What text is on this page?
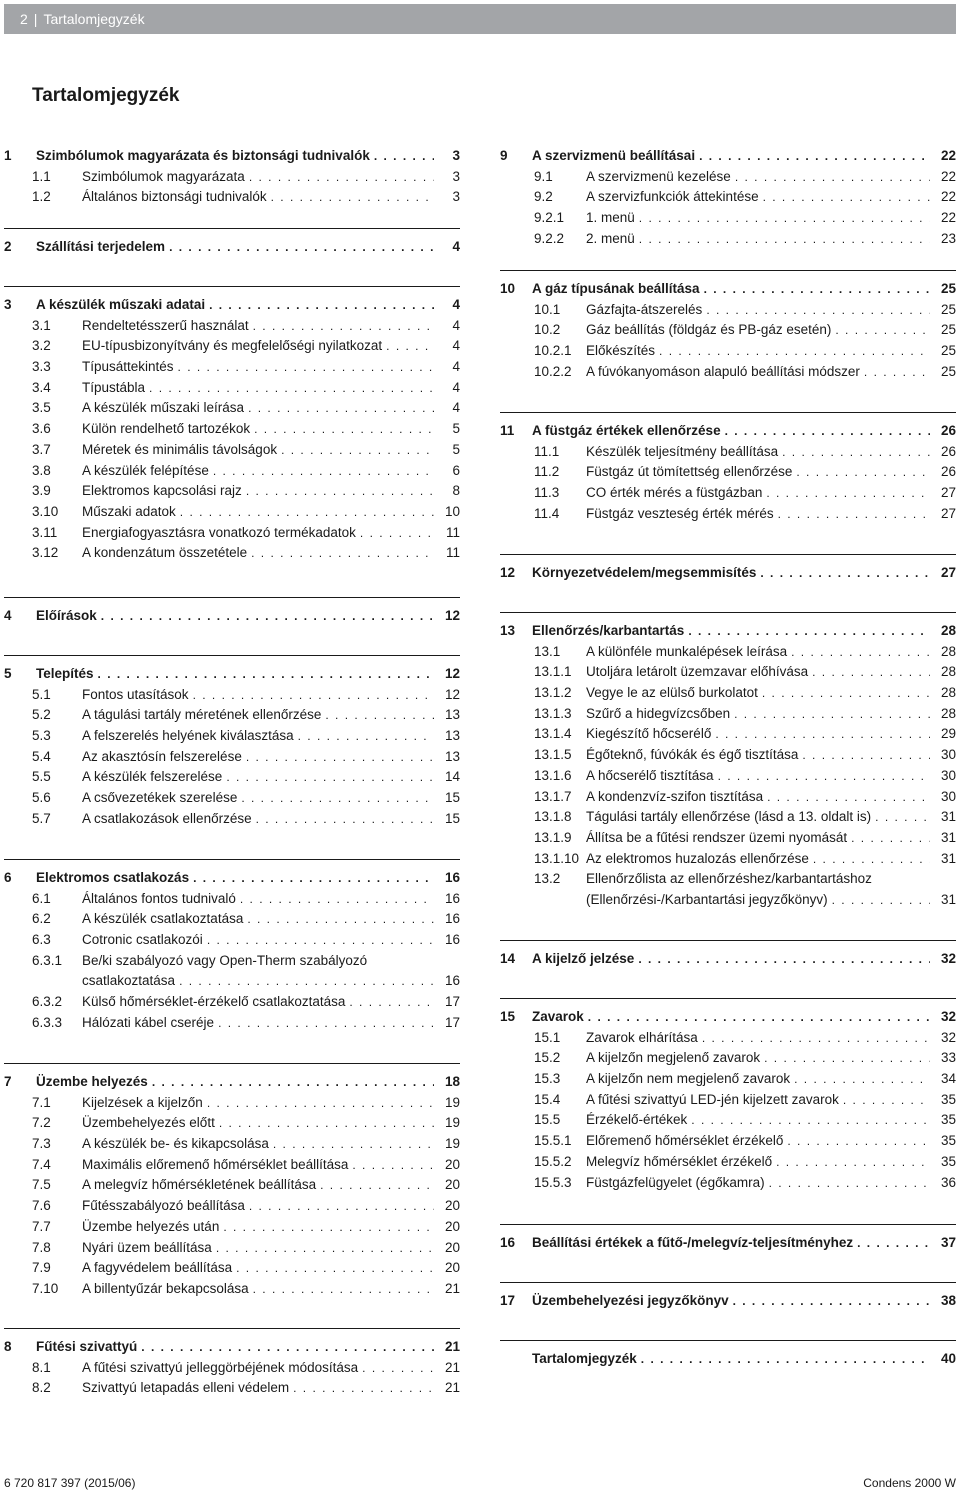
2 | Tartalomjegyzék
Tartalomjegyzék
1	Szimbólumok magyarázata és biztonsági tudnivalók . . .	3
1.1	Szimbólumok magyarázata . . .	3
1.2	Általános biztonsági tudnivalók . . .	3
2	Szállítási terjedelem . . .	4
3	A készülék műszaki adatai . . .	4
3.1	Rendeltetésszerű használat . . .	4
3.2	EU-típusbizonyítvány és megfelelőségi nyilatkozat . . .	4
3.3	Típusáttekintés . . .	4
3.4	Típustábla . . .	4
3.5	A készülék műszaki leírása . . .	4
3.6	Külön rendelhető tartozékok . . .	5
3.7	Méretek és minimális távolságok . . .	5
3.8	A készülék felépítése . . .	6
3.9	Elektromos kapcsolási rajz . . .	8
3.10	Műszaki adatok . . .	10
3.11	Energiafogyasztásra vonatkozó termékadatok . . .	11
3.12	A kondenzátum összetétele . . .	11
4	Előírások . . .	12
5	Telepítés . . .	12
5.1	Fontos utasítások . . .	12
5.2	A tágulási tartály méretének ellenőrzése . . .	13
5.3	A felszerelés helyének kiválasztása . . .	13
5.4	Az akasztósín felszerelése . . .	13
5.5	A készülék felszerelése . . .	14
5.6	A csővezetékek szerelése . . .	15
5.7	A csatlakozások ellenőrzése . . .	15
6	Elektromos csatlakozás . . .	16
6.1	Általános fontos tudnivaló . . .	16
6.2	A készülék csatlakoztatása . . .	16
6.3	Cotronic csatlakozói . . .	16
6.3.1	Be/ki szabályozó vagy Open-Therm szabályozó
csatlakoztatása . . .	16
6.3.2	Külső hőmérséklet-érzékelő csatlakoztatása . . .	17
6.3.3	Hálózati kábel cseréje . . .	17
7	Üzembe helyezés . . .	18
7.1	Kijelzések a kijelzőn . . .	19
7.2	Üzembehelyezés előtt . . .	19
7.3	A készülék be- és kikapcsolása . . .	19
7.4	Maximális előremenő hőmérséklet beállítása . . .	20
7.5	A melegvíz hőmérsékletének beállítása . . .	20
7.6	Fűtésszabályozó beállítása . . .	20
7.7	Üzembe helyezés után . . .	20
7.8	Nyári üzem beállítása . . .	20
7.9	A fagyvédelem beállítása . . .	20
7.10	A billentyűzár bekapcsolása . . .	21
8	Fűtési szivattyú . . .	21
8.1	A fűtési szivattyú jelleggörbéjének módosítása . . .	21
8.2	Szivattyú letapadás elleni védelem . . .	21
9	A szervizmenü beállításai . . .	22
9.1	A szervizmenü kezelése . . .	22
9.2	A szervizfunkciók áttekintése . . .	22
9.2.1	1. menü . . .	22
9.2.2	2. menü . . .	23
10	A gáz típusának beállítása . . .	25
10.1	Gázfajta-átszerelés . . .	25
10.2	Gáz beállítás (földgáz és PB-gáz esetén) . . .	25
10.2.1	Előkészítés . . .	25
10.2.2	A fúvókanyomáson alapuló beállítási módszer . . .	25
11	A füstgáz értékek ellenőrzése . . .	26
11.1	Készülék teljesítmény beállítása . . .	26
11.2	Füstgáz út tömítettség ellenőrzése . . .	26
11.3	CO érték mérés a füstgázban . . .	27
11.4	Füstgáz veszteség érték mérés . . .	27
12	Környezetvédelem/megsemmisítés . . .	27
13	Ellenőrzés/karbantartás . . .	28
13.1	A különféle munkalépések leírása . . .	28
13.1.1	Utoljára letárolt üzemzavar előhívása . . .	28
13.1.2	Vegye le az elülső burkolatot . . .	28
13.1.3	Szűrő a hidegvízcsőben . . .	28
13.1.4	Kiegészítő hőcserélő . . .	29
13.1.5	Égőteknő, fúvókák és égő tisztítása . . .	30
13.1.6	A hőcserélő tisztítása . . .	30
13.1.7	A kondenzvíz-szifon tisztítása . . .	30
13.1.8	Tágulási tartály ellenőrzése (lásd a 13. oldalt is) . . .	31
13.1.9	Állítsa be a fűtési rendszer üzemi nyomását . . .	31
13.1.10 Az elektromos huzalozás ellenőrzése . . .	31
13.2	Ellenőrzőlista az ellenőrzéshez/karbantartáshoz
(Ellenőrzési-/Karbantartási jegyzőkönyv) . . .	31
14	A kijelző jelzése . . .	32
15	Zavarok . . .	32
15.1	Zavarok elhárítása . . .	32
15.2	A kijelzőn megjelenő zavarok . . .	33
15.3	A kijelzőn nem megjelenő zavarok . . .	34
15.4	A fűtési szivattyú LED-jén kijelzett zavarok . . .	35
15.5	Érzékelő-értékek . . .	35
15.5.1	Előremenő hőmérséklet érzékelő . . .	35
15.5.2	Melegvíz hőmérséklet érzékelő . . .	35
15.5.3	Füstgázfelügyelet (égőkamra) . . .	36
16	Beállítási értékek a fűtő-/melegvíz-teljesítményhez . . .	37
17	Üzembehelyezési jegyzőkönyv . . .	38
Tartalomjegyzék . . .	40
6 720 817 397 (2015/06)	Condens 2000 W
